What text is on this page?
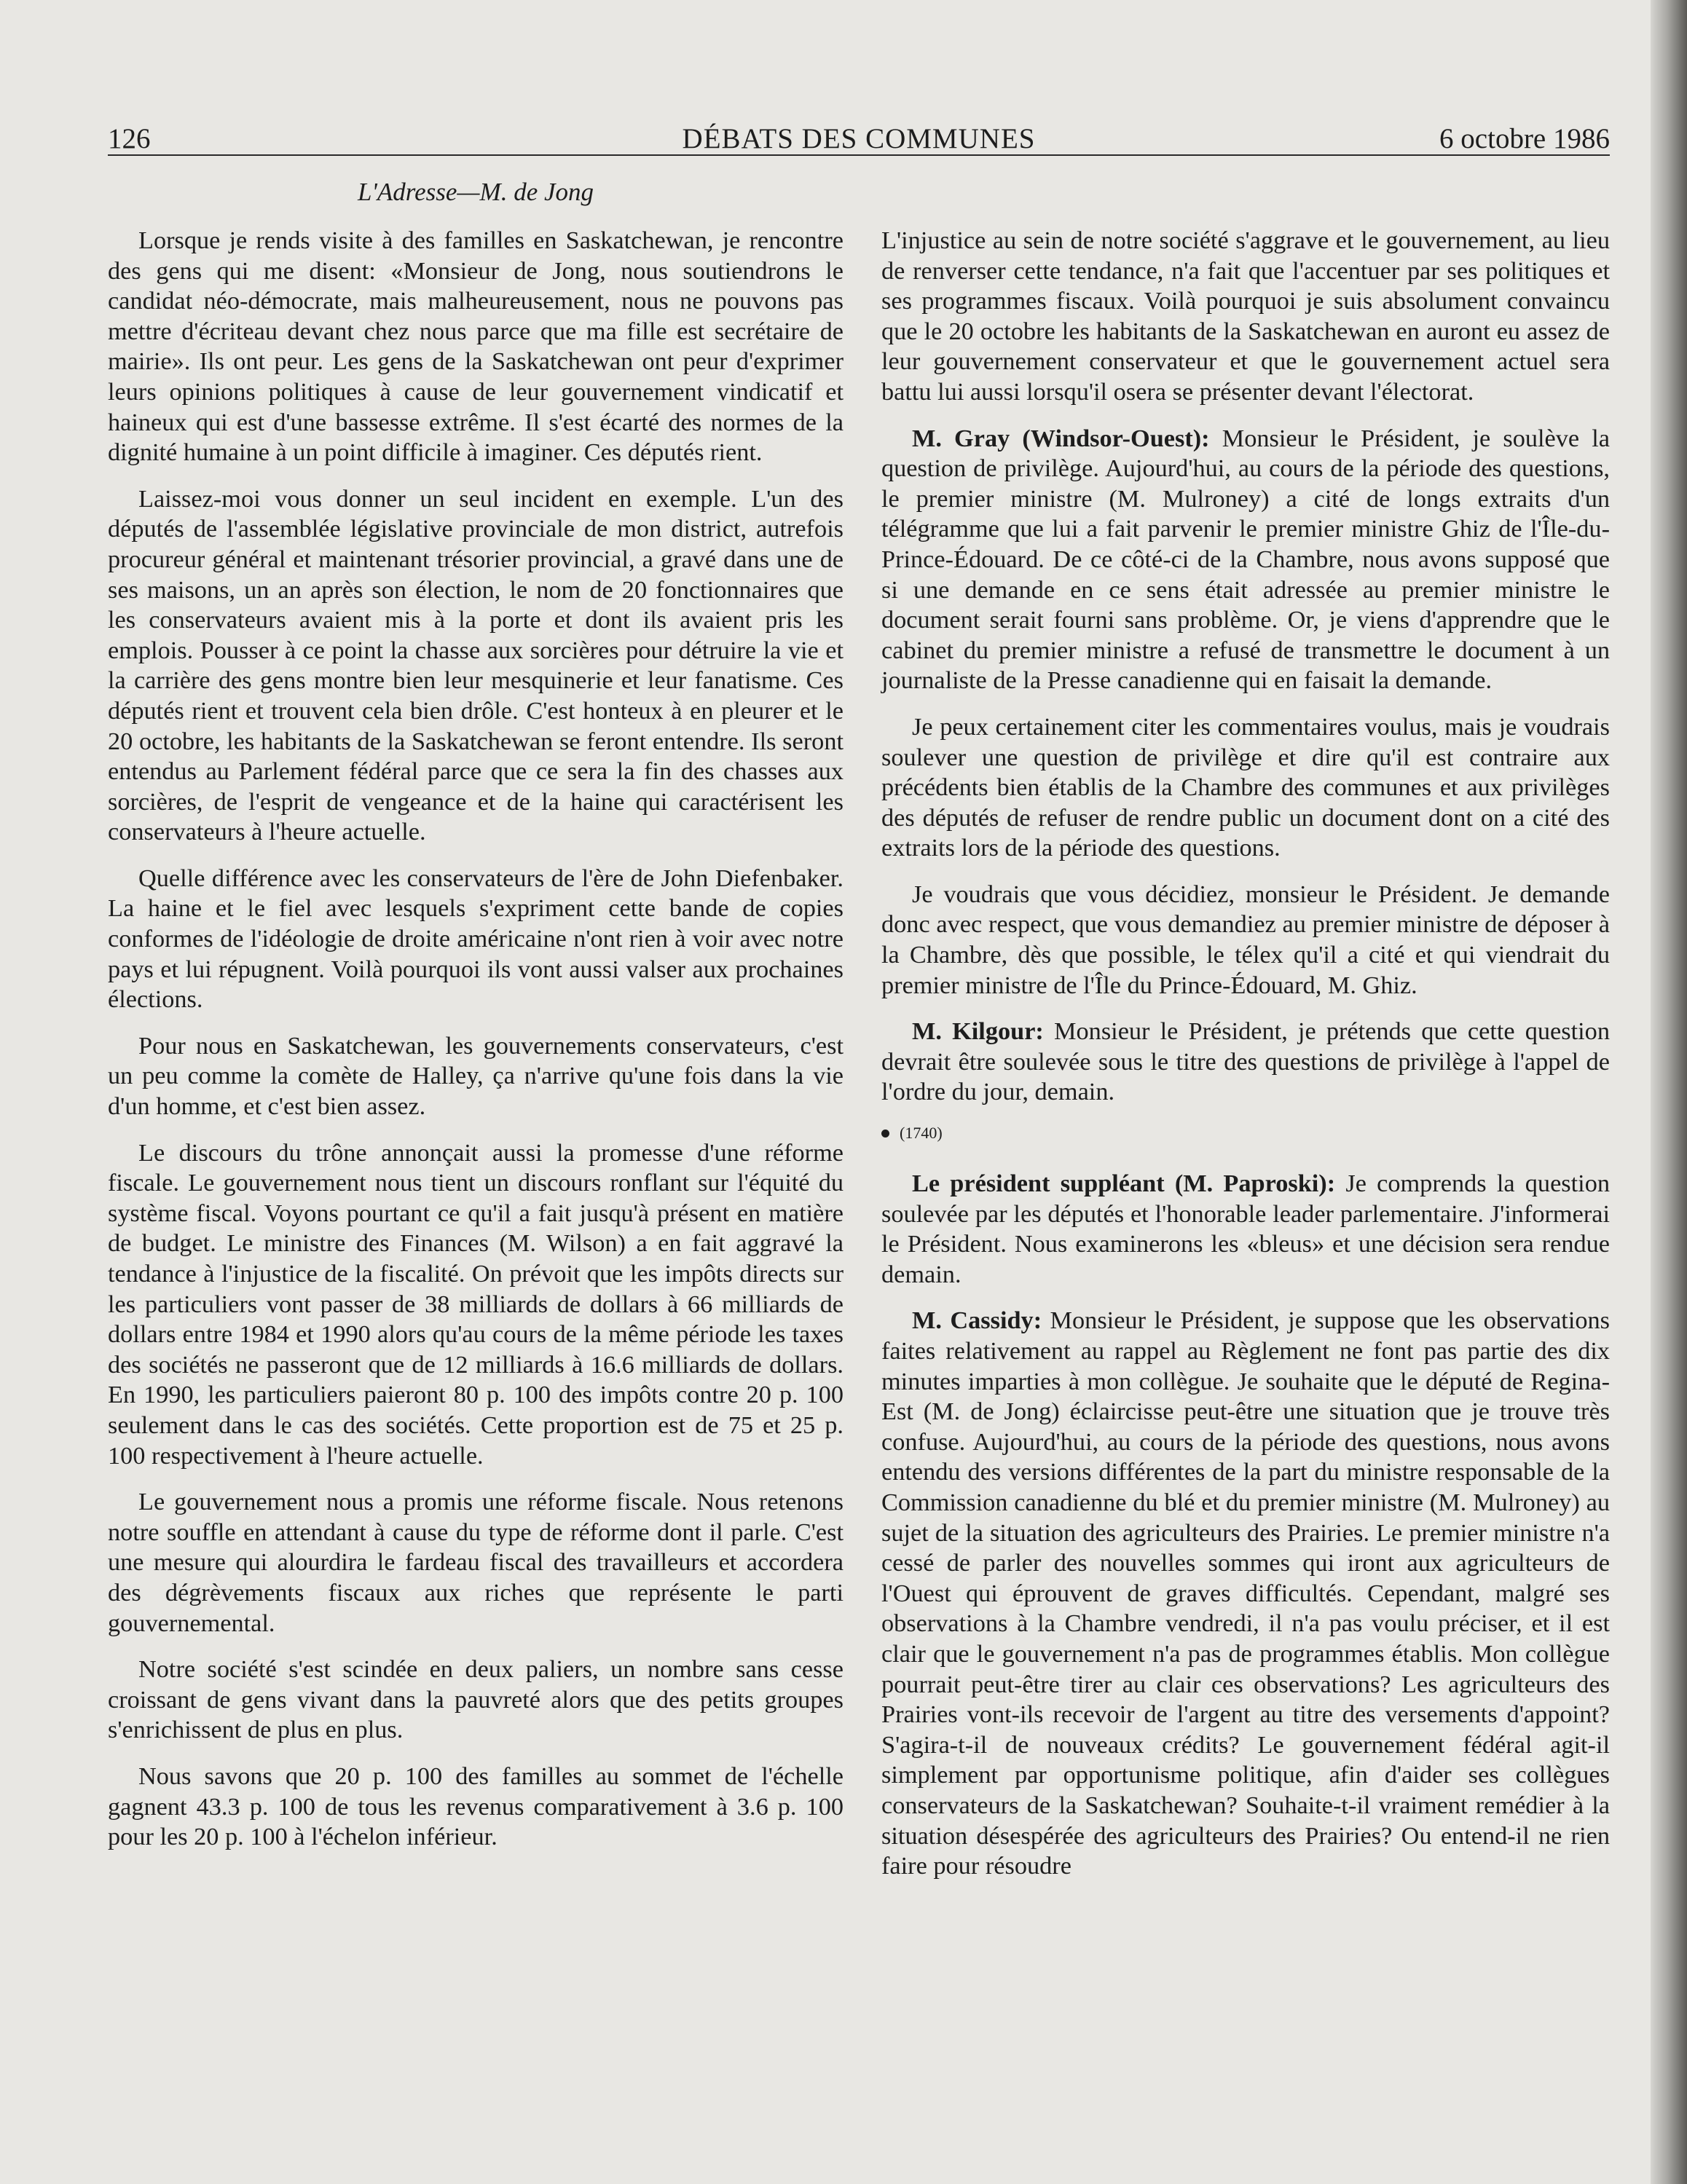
126	DÉBATS DES COMMUNES	6 octobre 1986
L'Adresse—M. de Jong

Lorsque je rends visite à des familles en Saskatchewan, je rencontre des gens qui me disent: «Monsieur de Jong, nous soutiendrons le candidat néo-démocrate, mais malheureusement, nous ne pouvons pas mettre d'écriteau devant chez nous parce que ma fille est secrétaire de mairie». Ils ont peur. Les gens de la Saskatchewan ont peur d'exprimer leurs opinions politiques à cause de leur gouvernement vindicatif et haineux qui est d'une bassesse extrême. Il s'est écarté des normes de la dignité humaine à un point difficile à imaginer. Ces députés rient.

Laissez-moi vous donner un seul incident en exemple. L'un des députés de l'assemblée législative provinciale de mon district, autrefois procureur général et maintenant trésorier provincial, a gravé dans une de ses maisons, un an après son élection, le nom de 20 fonctionnaires que les conservateurs avaient mis à la porte et dont ils avaient pris les emplois. Pousser à ce point la chasse aux sorcières pour détruire la vie et la carrière des gens montre bien leur mesquinerie et leur fanatisme. Ces députés rient et trouvent cela bien drôle. C'est honteux à en pleurer et le 20 octobre, les habitants de la Saskatchewan se feront entendre. Ils seront entendus au Parlement fédéral parce que ce sera la fin des chasses aux sorcières, de l'esprit de vengeance et de la haine qui caractérisent les conservateurs à l'heure actuelle.

Quelle différence avec les conservateurs de l'ère de John Diefenbaker. La haine et le fiel avec lesquels s'expriment cette bande de copies conformes de l'idéologie de droite américaine n'ont rien à voir avec notre pays et lui répugnent. Voilà pourquoi ils vont aussi valser aux prochaines élections.

Pour nous en Saskatchewan, les gouvernements conservateurs, c'est un peu comme la comète de Halley, ça n'arrive qu'une fois dans la vie d'un homme, et c'est bien assez.

Le discours du trône annonçait aussi la promesse d'une réforme fiscale. Le gouvernement nous tient un discours ronflant sur l'équité du système fiscal. Voyons pourtant ce qu'il a fait jusqu'à présent en matière de budget. Le ministre des Finances (M. Wilson) a en fait aggravé la tendance à l'injustice de la fiscalité. On prévoit que les impôts directs sur les particuliers vont passer de 38 milliards de dollars à 66 milliards de dollars entre 1984 et 1990 alors qu'au cours de la même période les taxes des sociétés ne passeront que de 12 milliards à 16.6 milliards de dollars. En 1990, les particuliers paieront 80 p. 100 des impôts contre 20 p. 100 seulement dans le cas des sociétés. Cette proportion est de 75 et 25 p. 100 respectivement à l'heure actuelle.

Le gouvernement nous a promis une réforme fiscale. Nous retenons notre souffle en attendant à cause du type de réforme dont il parle. C'est une mesure qui alourdira le fardeau fiscal des travailleurs et accordera des dégrèvements fiscaux aux riches que représente le parti gouvernemental.

Notre société s'est scindée en deux paliers, un nombre sans cesse croissant de gens vivant dans la pauvreté alors que des petits groupes s'enrichissent de plus en plus.

Nous savons que 20 p. 100 des familles au sommet de l'échelle gagnent 43.3 p. 100 de tous les revenus comparativement à 3.6 p. 100 pour les 20 p. 100 à l'échelon inférieur.

L'injustice au sein de notre société s'aggrave et le gouvernement, au lieu de renverser cette tendance, n'a fait que l'accentuer par ses politiques et ses programmes fiscaux. Voilà pourquoi je suis absolument convaincu que le 20 octobre les habitants de la Saskatchewan en auront eu assez de leur gouvernement conservateur et que le gouvernement actuel sera battu lui aussi lorsqu'il osera se présenter devant l'électorat.

M. Gray (Windsor-Ouest): Monsieur le Président, je soulève la question de privilège. Aujourd'hui, au cours de la période des questions, le premier ministre (M. Mulroney) a cité de longs extraits d'un télégramme que lui a fait parvenir le premier ministre Ghiz de l'Île-du-Prince-Édouard. De ce côté-ci de la Chambre, nous avons supposé que si une demande en ce sens était adressée au premier ministre le document serait fourni sans problème. Or, je viens d'apprendre que le cabinet du premier ministre a refusé de transmettre le document à un journaliste de la Presse canadienne qui en faisait la demande.

Je peux certainement citer les commentaires voulus, mais je voudrais soulever une question de privilège et dire qu'il est contraire aux précédents bien établis de la Chambre des communes et aux privilèges des députés de refuser de rendre public un document dont on a cité des extraits lors de la période des questions.

Je voudrais que vous décidiez, monsieur le Président. Je demande donc avec respect, que vous demandiez au premier ministre de déposer à la Chambre, dès que possible, le télex qu'il a cité et qui viendrait du premier ministre de l'Île du Prince-Édouard, M. Ghiz.

M. Kilgour: Monsieur le Président, je prétends que cette question devrait être soulevée sous le titre des questions de privilège à l'appel de l'ordre du jour, demain.

(1740)

Le président suppléant (M. Paproski): Je comprends la question soulevée par les députés et l'honorable leader parlementaire. J'informerai le Président. Nous examinerons les «bleus» et une décision sera rendue demain.

M. Cassidy: Monsieur le Président, je suppose que les observations faites relativement au rappel au Règlement ne font pas partie des dix minutes imparties à mon collègue. Je souhaite que le député de Regina-Est (M. de Jong) éclaircisse peut-être une situation que je trouve très confuse. Aujourd'hui, au cours de la période des questions, nous avons entendu des versions différentes de la part du ministre responsable de la Commission canadienne du blé et du premier ministre (M. Mulroney) au sujet de la situation des agriculteurs des Prairies. Le premier ministre n'a cessé de parler des nouvelles sommes qui iront aux agriculteurs de l'Ouest qui éprouvent de graves difficultés. Cependant, malgré ses observations à la Chambre vendredi, il n'a pas voulu préciser, et il est clair que le gouvernement n'a pas de programmes établis. Mon collègue pourrait peut-être tirer au clair ces observations? Les agriculteurs des Prairies vont-ils recevoir de l'argent au titre des versements d'appoint? S'agira-t-il de nouveaux crédits? Le gouvernement fédéral agit-il simplement par opportunisme politique, afin d'aider ses collègues conservateurs de la Saskatchewan? Souhaite-t-il vraiment remédier à la situation désespérée des agriculteurs des Prairies? Ou entend-il ne rien faire pour résoudre
